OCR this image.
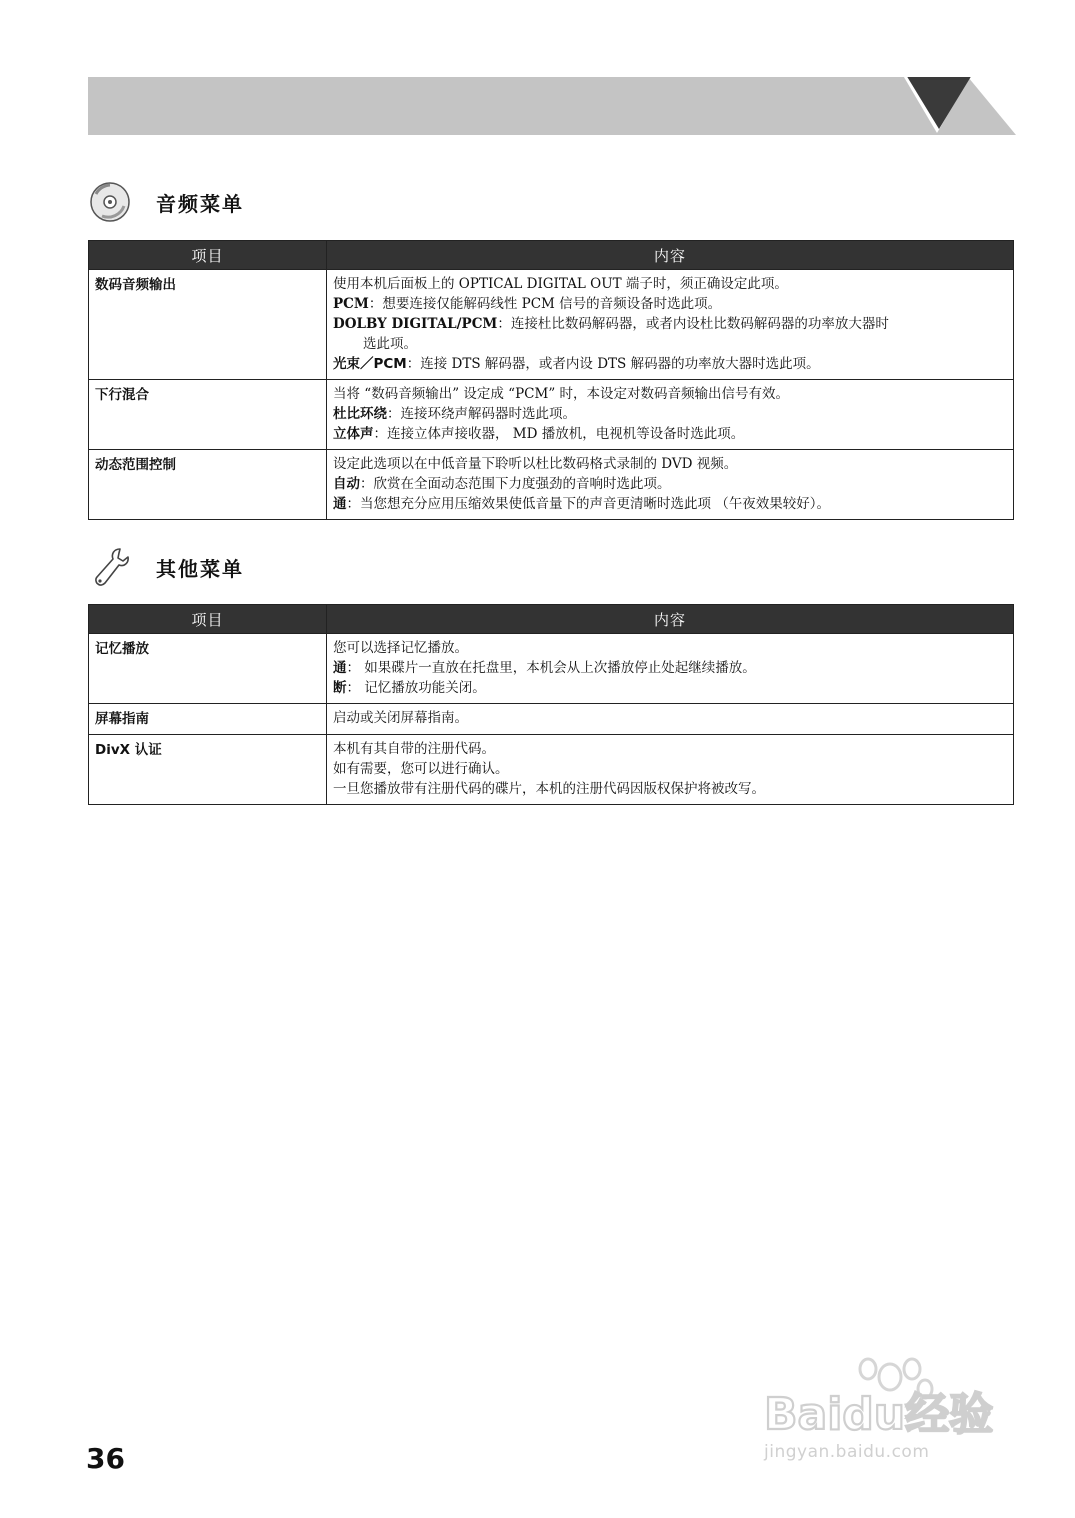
音频菜单
项目	内容
数码音频输出	使用本机后面板上的 OPTICAL DIGITAL OUT 端子时，须正确设定此项。
PCM：想要连接仅能解码线性 PCM 信号的音频设备时选此项。
DOLBY DIGITAL/PCM：连接杜比数码解码器，或者内设杜比数码解码器的功率放大器时
选此项。
光束／PCM：连接 DTS 解码器，或者内设 DTS 解码器的功率放大器时选此项。

下行混合	当将 “数码音频输出” 设定成 “PCM” 时，本设定对数码音频输出信号有效。
杜比环绕：连接环绕声解码器时选此项。
立体声：连接立体声接收器， MD 播放机，电视机等设备时选此项。

动态范围控制	设定此选项以在中低音量下聆听以杜比数码格式录制的 DVD 视频。
自动：欣赏在全面动态范围下力度强劲的音响时选此项。
通：当您想充分应用压缩效果使低音量下的声音更清晰时选此项 （午夜效果较好）。
其他菜单
项目	内容
记忆播放	您可以选择记忆播放。
通： 如果碟片一直放在托盘里，本机会从上次播放停止处起继续播放。
断： 记忆播放功能关闭。

屏幕指南	启动或关闭屏幕指南。

DivX 认证	本机有其自带的注册代码。
如有需要，您可以进行确认。
一旦您播放带有注册代码的碟片，本机的注册代码因版权保护将被改写。
36
Baidu经验
jingyan.baidu.com
